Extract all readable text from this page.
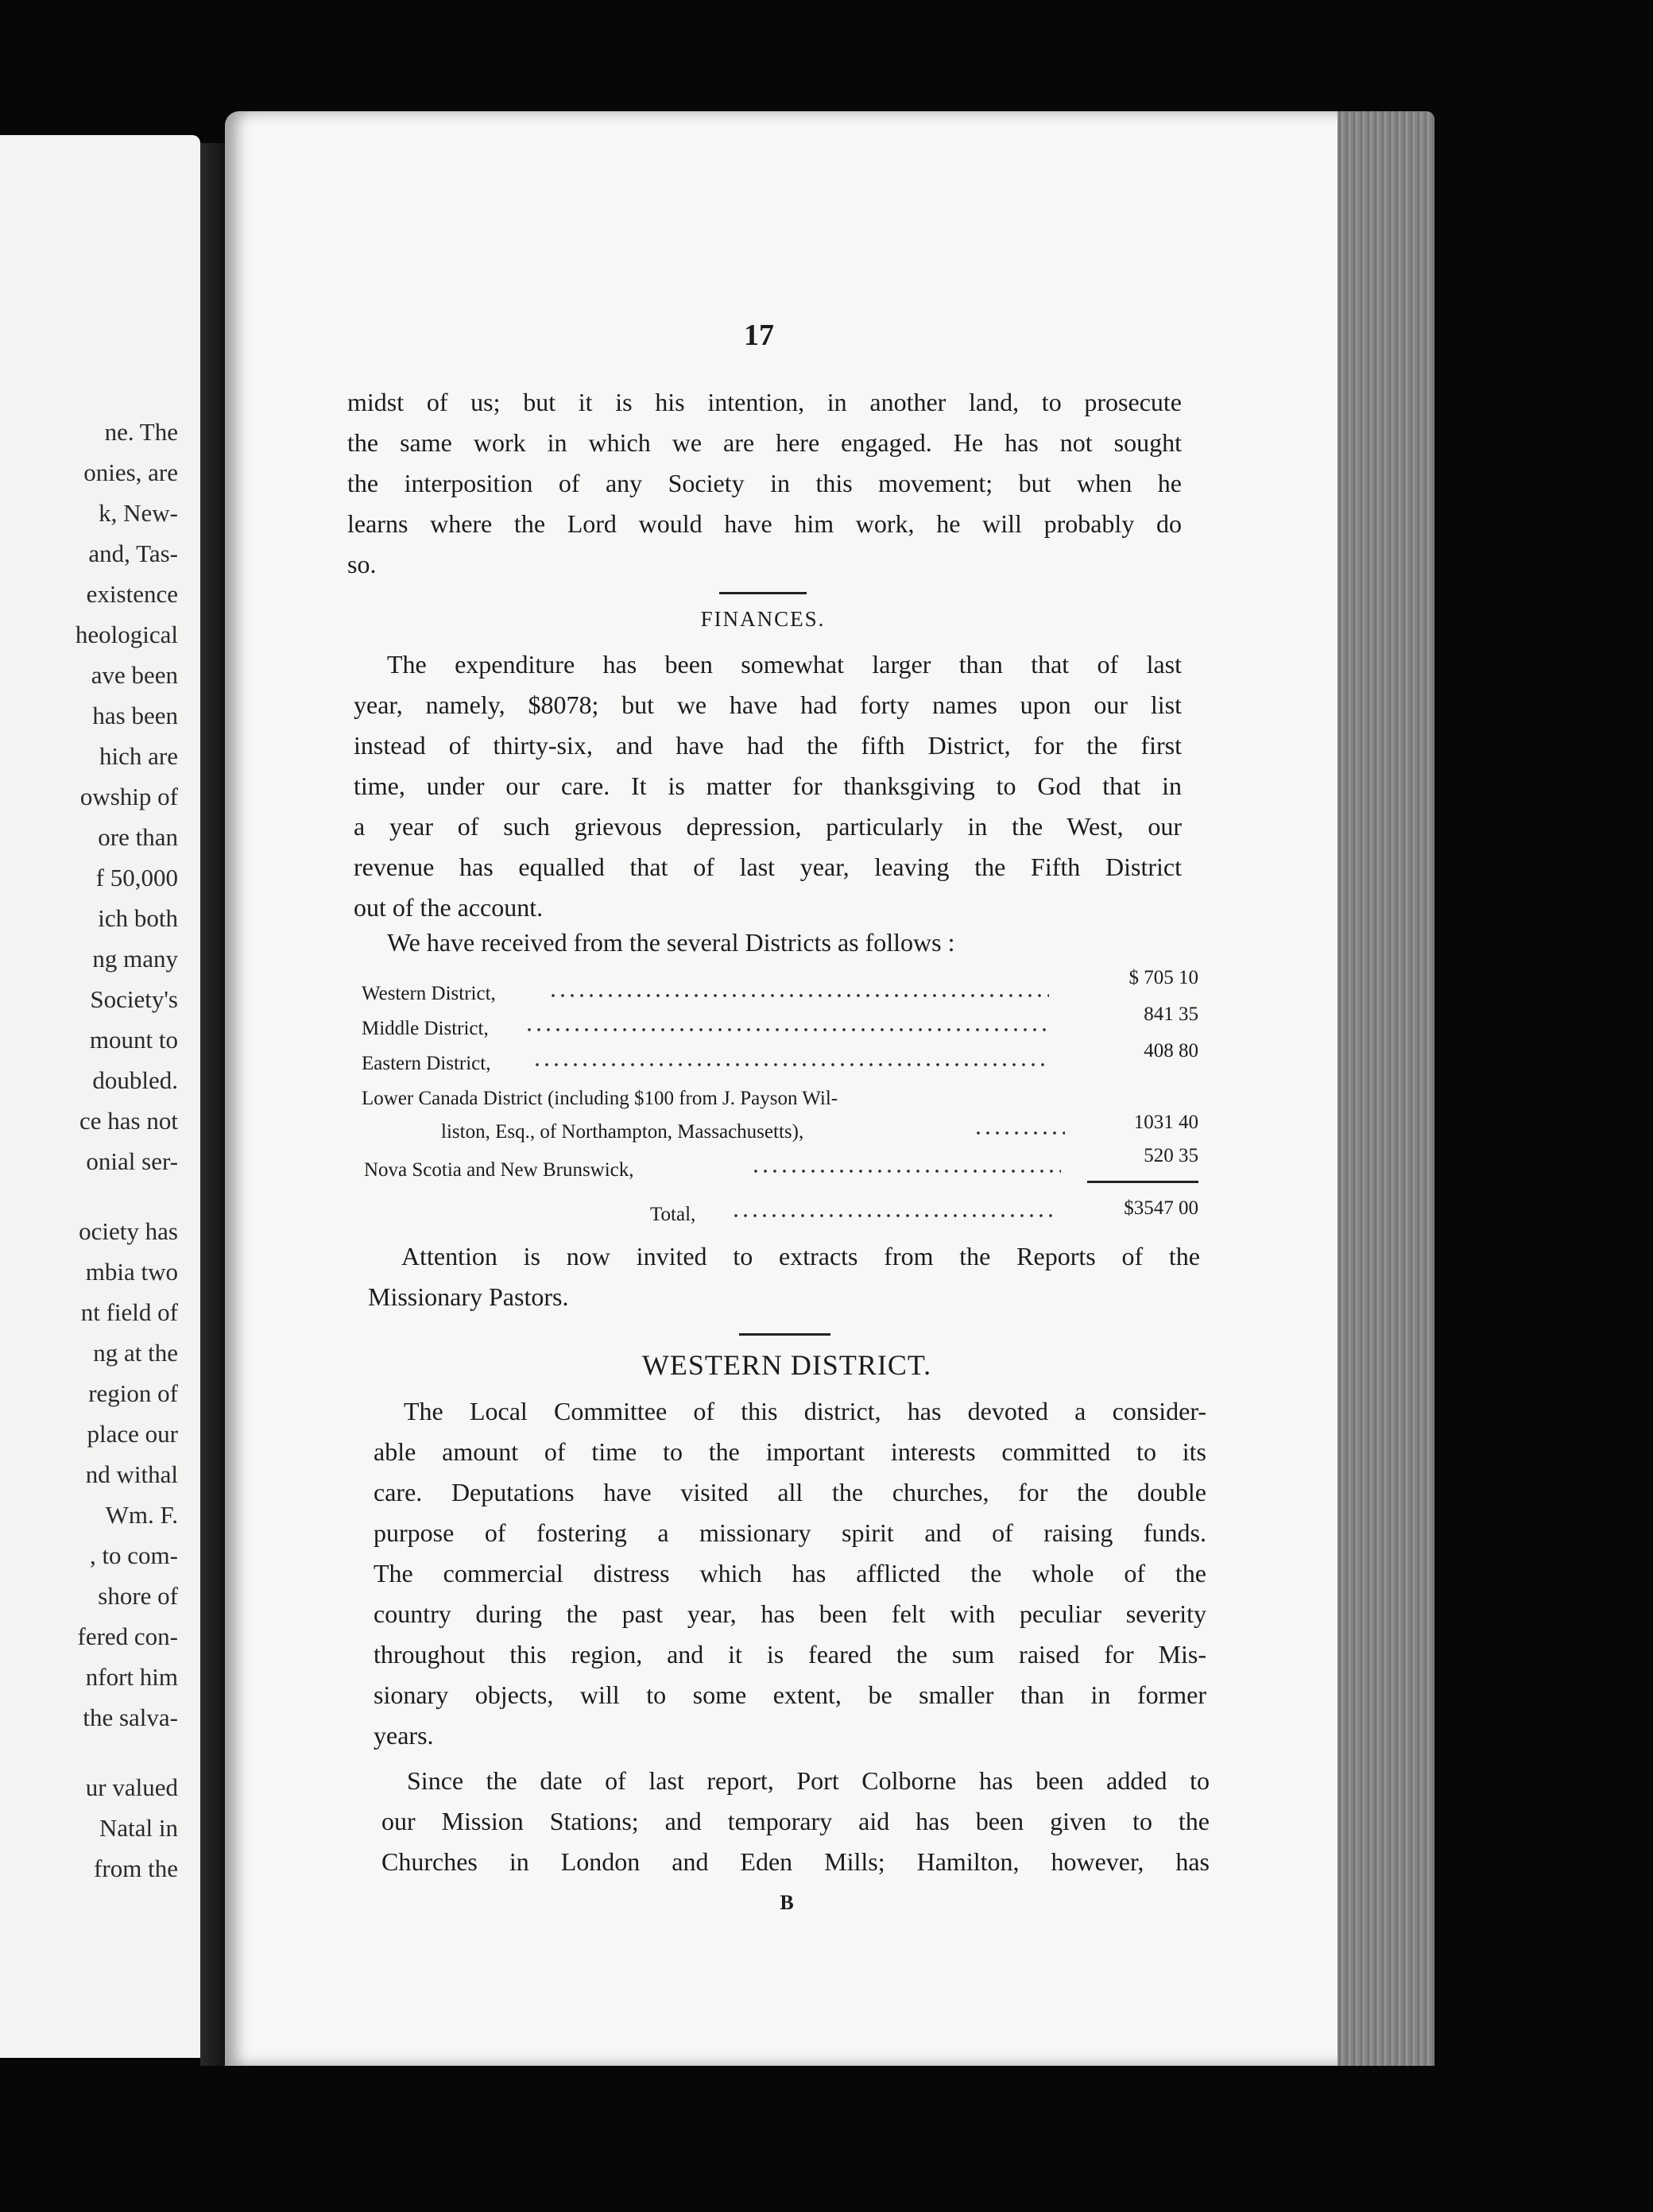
ne. The
onies, are
k, New-
and, Tas-
existence
heological
ave been
has been
hich are
owship of
ore than
f 50,000
ich both
ng many
Society's
mount to
doubled.
ce has not
onial ser-
ociety has
mbia two
nt field of
ng at the
region of
place our
nd withal
Wm. F.
, to com-
shore of
fered con-
nfort him
the salva-
ur valued
Natal in
from the
17
midst of us; but it is his intention, in another land, to prosecute
the same work in which we are here engaged. He has not sought
the interposition of any Society in this movement; but when he
learns where the Lord would have him work, he will probably do
so.
FINANCES.
The expenditure has been somewhat larger than that of last
year, namely, $8078; but we have had forty names upon our list
instead of thirty-six, and have had the fifth District, for the first
time, under our care. It is matter for thanksgiving to God that in
a year of such grievous depression, particularly in the West, our
revenue has equalled that of last year, leaving the Fifth District
out of the account.
We have received from the several Districts as follows :
Western District,
$ 705 10
Middle District,
841 35
Eastern District,
408 80
Lower Canada District (including $100 from J. Payson Wil-
liston, Esq., of Northampton, Massachusetts),	1031 40
Nova Scotia and New Brunswick,
520 35
Total,	$3547 00
Attention is now invited to extracts from the Reports of the
Missionary Pastors.
WESTERN DISTRICT.
The Local Committee of this district, has devoted a consider-
able amount of time to the important interests committed to its
care. Deputations have visited all the churches, for the double
purpose of fostering a missionary spirit and of raising funds.
The commercial distress which has afflicted the whole of the
country during the past year, has been felt with peculiar severity
throughout this region, and it is feared the sum raised for Mis-
sionary objects, will to some extent, be smaller than in former
years.
Since the date of last report, Port Colborne has been added to
our Mission Stations; and temporary aid has been given to the
Churches in London and Eden Mills; Hamilton, however, has
B
